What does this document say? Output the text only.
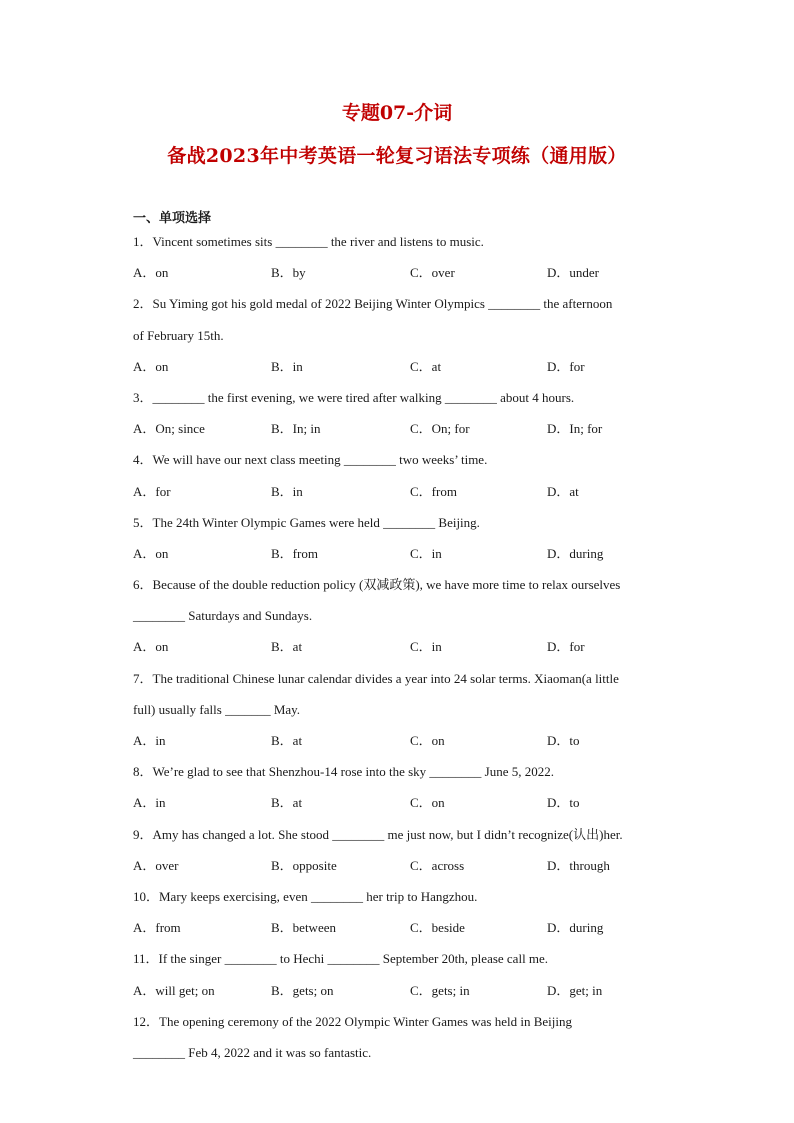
专题07-介词
备战2023年中考英语一轮复习语法专项练（通用版）
一、单项选择
1．Vincent sometimes sits ________ the river and listens to music.
A．on	B．by	C．over	D．under
2．Su Yiming got his gold medal of 2022 Beijing Winter Olympics ________ the afternoon
of February 15th.
A．on	B．in	C．at	D．for
3．________ the first evening, we were tired after walking ________ about 4 hours.
A．On; since	B．In; in	C．On; for	D．In; for
4．We will have our next class meeting ________ two weeks’ time.
A．for	B．in	C．from	D．at
5．The 24th Winter Olympic Games were held ________ Beijing.
A．on	B．from	C．in	D．during
6．Because of the double reduction policy (双减政策), we have more time to relax ourselves
________ Saturdays and Sundays.
A．on	B．at	C．in	D．for
7．The traditional Chinese lunar calendar divides a year into 24 solar terms. Xiaoman(a little
full) usually falls _______ May.
A．in	B．at	C．on	D．to
8．We’re glad to see that Shenzhou-14 rose into the sky ________ June 5, 2022.
A．in	B．at	C．on	D．to
9．Amy has changed a lot. She stood ________ me just now, but I didn’t recognize(认出)her.
A．over	B．opposite	C．across	D．through
10．Mary keeps exercising, even ________ her trip to Hangzhou.
A．from	B．between	C．beside	D．during
11．If the singer ________ to Hechi ________ September 20th, please call me.
A．will get; on	B．gets; on	C．gets; in	D．get; in
12．The opening ceremony of the 2022 Olympic Winter Games was held in Beijing
________ Feb 4, 2022 and it was so fantastic.
